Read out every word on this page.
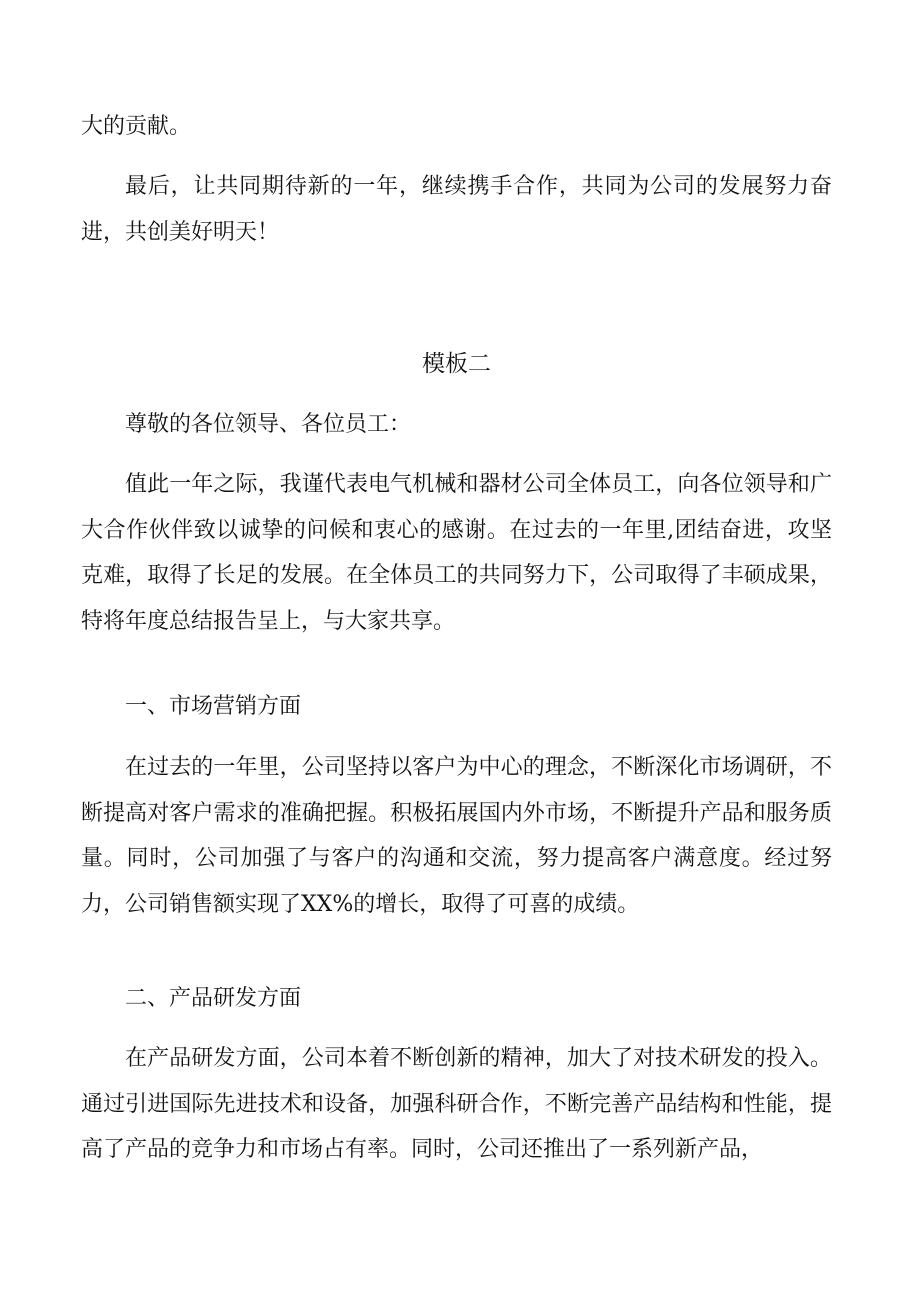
大的贡献。

最后，让共同期待新的一年，继续携手合作，共同为公司的发展努力奋进，共创美好明天！

模板二

尊敬的各位领导、各位员工：

值此一年之际，我谨代表电气机械和器材公司全体员工，向各位领导和广大合作伙伴致以诚挚的问候和衷心的感谢。在过去的一年里,团结奋进，攻坚克难，取得了长足的发展。在全体员工的共同努力下，公司取得了丰硕成果，特将年度总结报告呈上，与大家共享。

一、市场营销方面

在过去的一年里，公司坚持以客户为中心的理念，不断深化市场调研，不断提高对客户需求的准确把握。积极拓展国内外市场，不断提升产品和服务质量。同时，公司加强了与客户的沟通和交流，努力提高客户满意度。经过努力，公司销售额实现了XX%的增长，取得了可喜的成绩。

二、产品研发方面

在产品研发方面，公司本着不断创新的精神，加大了对技术研发的投入。通过引进国际先进技术和设备，加强科研合作，不断完善产品结构和性能，提高了产品的竞争力和市场占有率。同时，公司还推出了一系列新产品，
